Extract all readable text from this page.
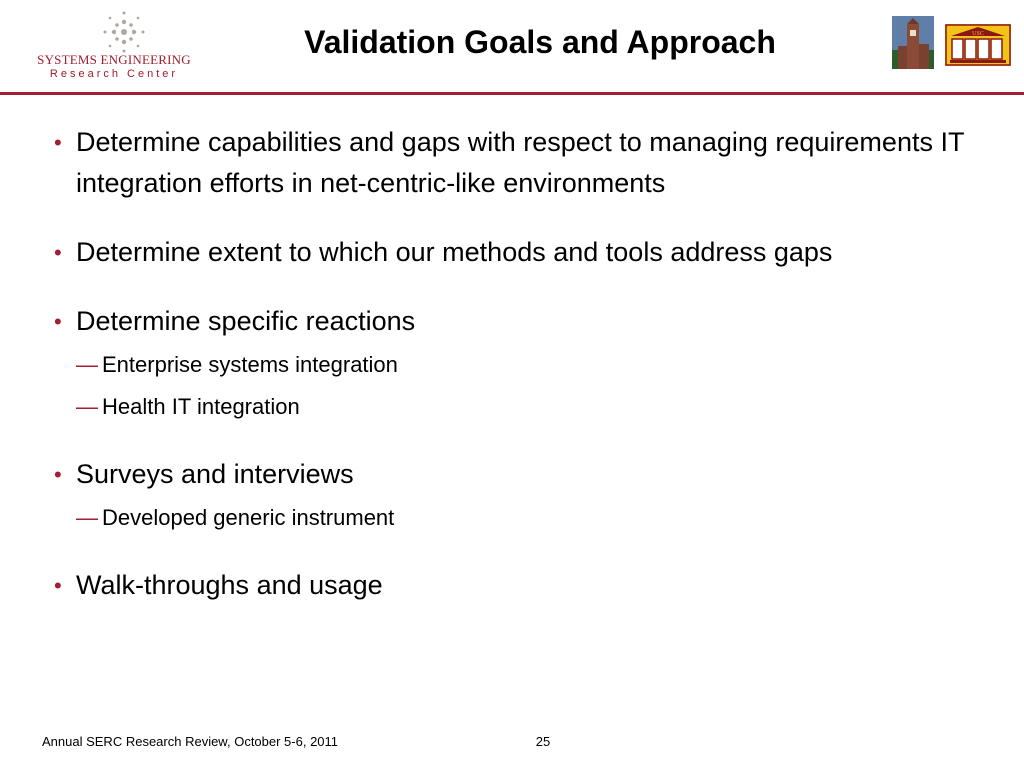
SYSTEMS ENGINEERING
Research Center
Validation Goals and Approach	USC
• Determine capabilities and gaps with respect to managing requirements IT integration efforts in net-centric-like environments
• Determine extent to which our methods and tools address gaps
• Determine specific reactions
— Enterprise systems integration
— Health IT integration
• Surveys and interviews
— Developed generic instrument
• Walk-throughs and usage
Annual SERC Research Review, October 5-6, 2011	25
